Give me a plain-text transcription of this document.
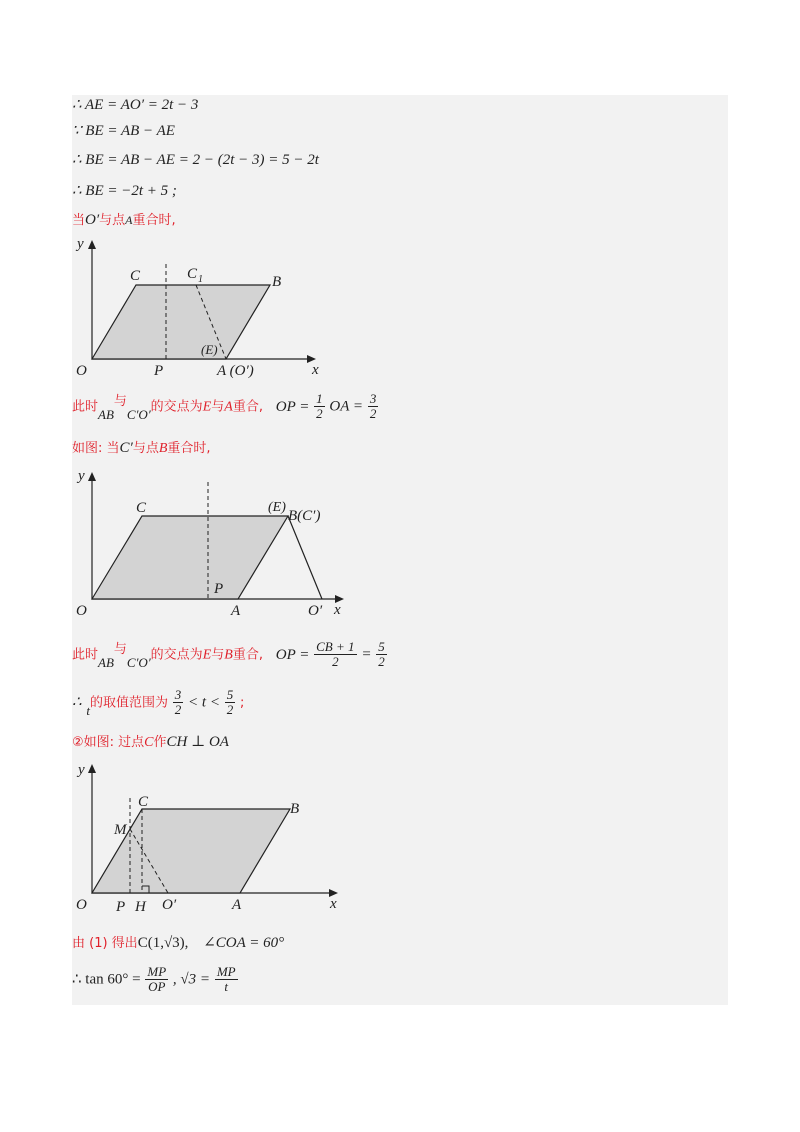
∴ AE = AO′ = 2t − 3
∵ BE = AB − AE
∴ BE = AB − AE = 2 − (2t − 3) = 5 − 2t
∴ BE = −2t + 5 ;
当O′与点A重合时,
y
x
O	P	A (O′)
C	C 1	B
(E)
此时AB与C′O′的交点为E与A重合, OP = $\frac{1}{2}$ OA = $\frac{3}{2}$
如图: 当C′与点B重合时,
y
x
O
P
A	O′
C	(E)
B(C′)
此时AB与C′O′的交点为E与B重合, OP = $\frac{CB + 1}{2} = \frac{5}{2}$
∴ t的取值范围为 $\frac{3}{2} < t < \frac{5}{2}$ ;
②如图: 过点C作CH ⊥ OA
y
x
O P H O′	A
M
C	B
由 (1) 得出C(1,√3), ∠COA = 60°
∴ $\tan 60^\circ = \frac{MP}{OP}$ , $√3 = \frac{MP}{t}$
